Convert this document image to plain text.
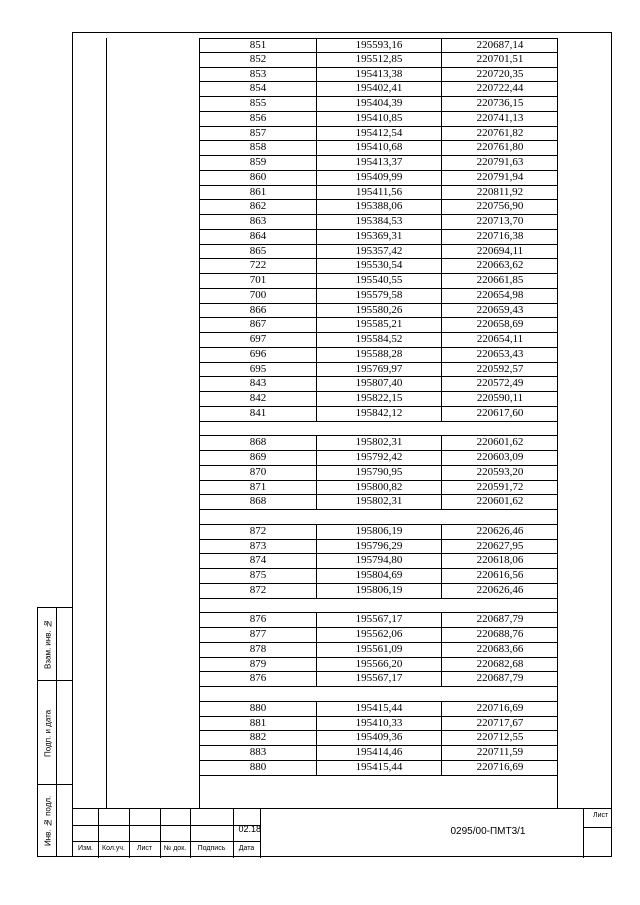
Взам. инв. №
Подп. и дата
Инв. № подл.
851	195593,16	220687,14
852	195512,85	220701,51
853	195413,38	220720,35
854	195402,41	220722,44
855	195404,39	220736,15
856	195410,85	220741,13
857	195412,54	220761,82
858	195410,68	220761,80
859	195413,37	220791,63
860	195409,99	220791,94
861	195411,56	220811,92
862	195388,06	220756,90
863	195384,53	220713,70
864	195369,31	220716,38
865	195357,42	220694,11
722	195530,54	220663,62
701	195540,55	220661,85
700	195579,58	220654,98
866	195580,26	220659,43
867	195585,21	220658,69
697	195584,52	220654,11
696	195588,28	220653,43
695	195769,97	220592,57
843	195807,40	220572,49
842	195822,15	220590,11
841	195842,12	220617,60
868	195802,31	220601,62
869	195792,42	220603,09
870	195790,95	220593,20
871	195800,82	220591,72
868	195802,31	220601,62
872	195806,19	220626,46
873	195796,29	220627,95
874	195794,80	220618,06
875	195804,69	220616,56
872	195806,19	220626,46
876	195567,17	220687,79
877	195562,06	220688,76
878	195561,09	220683,66
879	195566,20	220682,68
876	195567,17	220687,79
880	195415,44	220716,69
881	195410,33	220717,67
882	195409,36	220712,55
883	195414,46	220711,59
880	195415,44	220716,69
Изм.	Кол.уч.	Лист	№ док.	Подпись	Дата
02.18	0295/00-ПМТ3/1
Лист
